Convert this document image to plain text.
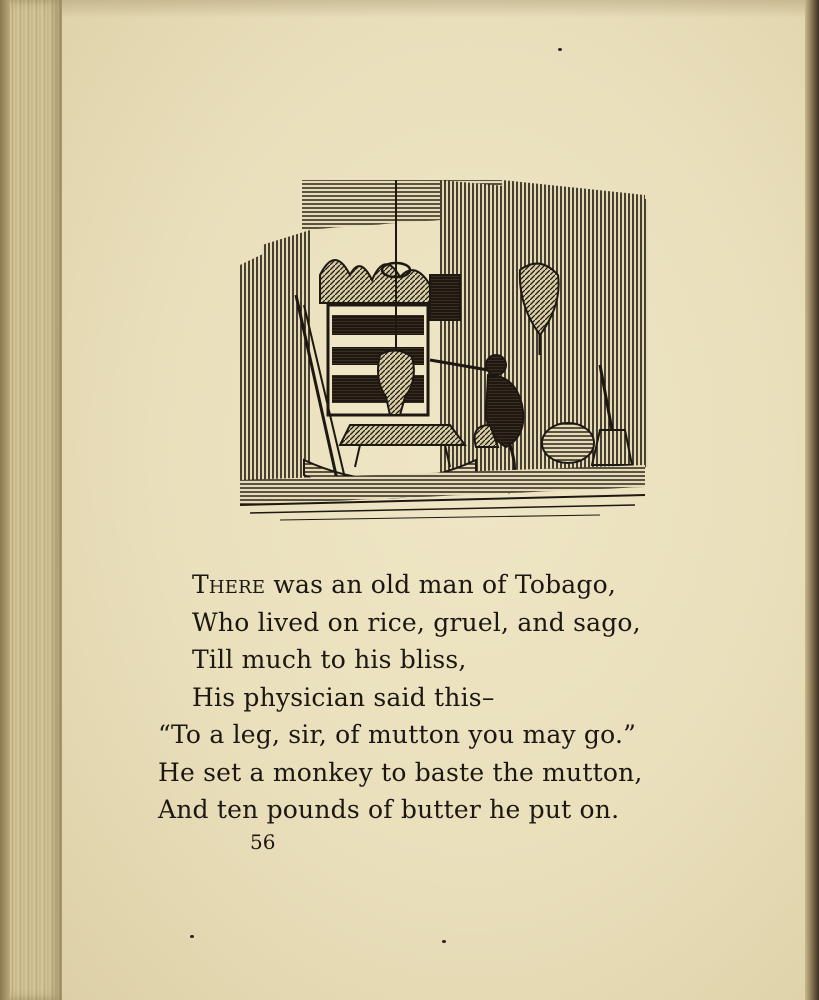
There was an old man of Tobago,
Who lived on rice, gruel, and sago,
Till much to his bliss,
His physician said this–
“To a leg, sir, of mutton you may go.”
He set a monkey to baste the mutton,
And ten pounds of butter he put on.
56
